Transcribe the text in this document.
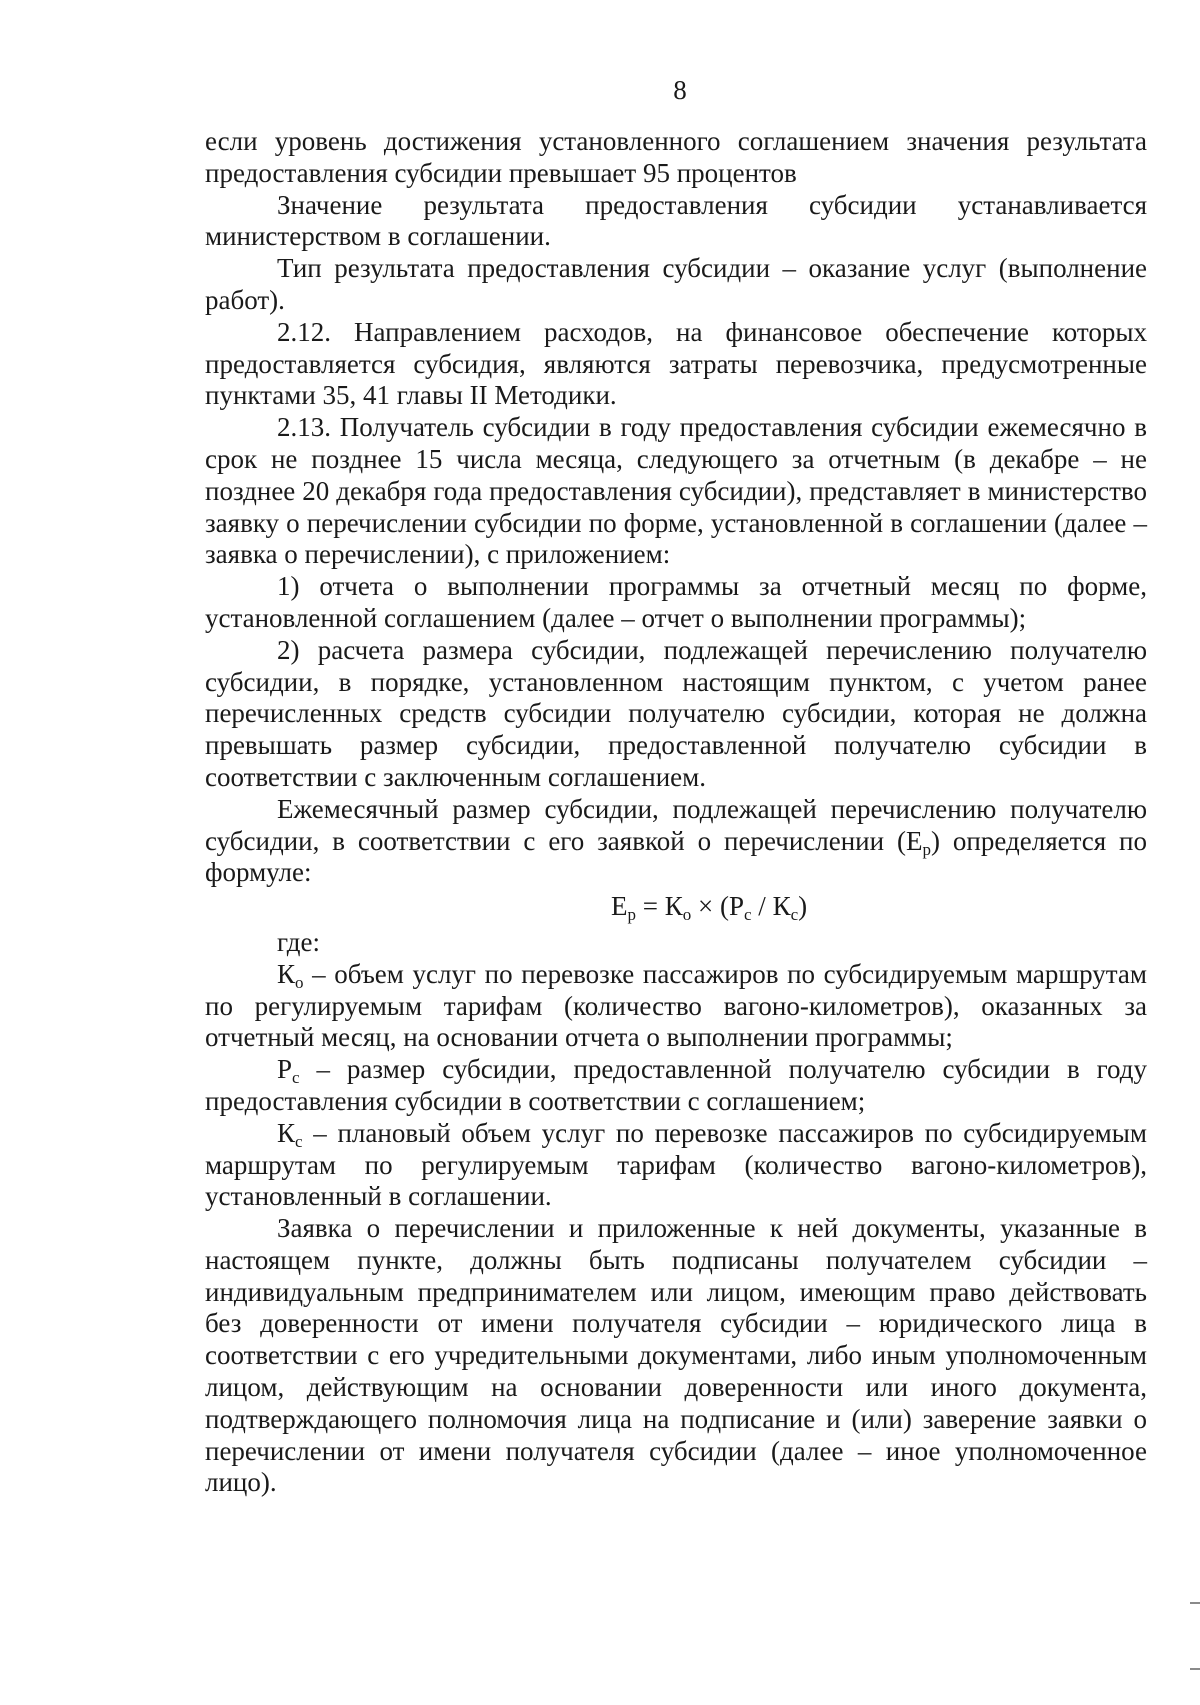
8

если уровень достижения установленного соглашением значения результата предоставления субсидии превышает 95 процентов

Значение результата предоставления субсидии устанавливается министерством в соглашении.

Тип результата предоставления субсидии – оказание услуг (выполнение работ).

2.12. Направлением расходов, на финансовое обеспечение которых предоставляется субсидия, являются затраты перевозчика, предусмотренные пунктами 35, 41 главы II Методики.

2.13. Получатель субсидии в году предоставления субсидии ежемесячно в срок не позднее 15 числа месяца, следующего за отчетным (в декабре – не позднее 20 декабря года предоставления субсидии), представляет в министерство заявку о перечислении субсидии по форме, установленной в соглашении (далее – заявка о перечислении), с приложением:

1) отчета о выполнении программы за отчетный месяц по форме, установленной соглашением (далее – отчет о выполнении программы);

2) расчета размера субсидии, подлежащей перечислению получателю субсидии, в порядке, установленном настоящим пунктом, с учетом ранее перечисленных средств субсидии получателю субсидии, которая не должна превышать размер субсидии, предоставленной получателю субсидии в соответствии с заключенным соглашением.

Ежемесячный размер субсидии, подлежащей перечислению получателю субсидии, в соответствии с его заявкой о перечислении $(Е_р)$ определяется по формуле:

$Е_р = К_о \times (Р_с / К_с)$

где:

$К_о$ – объем услуг по перевозке пассажиров по субсидируемым маршрутам по регулируемым тарифам (количество вагоно-километров), оказанных за отчетный месяц, на основании отчета о выполнении программы;

$Р_с$ – размер субсидии, предоставленной получателю субсидии в году предоставления субсидии в соответствии с соглашением;

$К_с$ – плановый объем услуг по перевозке пассажиров по субсидируемым маршрутам по регулируемым тарифам (количество вагоно-километров), установленный в соглашении.

Заявка о перечислении и приложенные к ней документы, указанные в настоящем пункте, должны быть подписаны получателем субсидии – индивидуальным предпринимателем или лицом, имеющим право действовать без доверенности от имени получателя субсидии – юридического лица в соответствии с его учредительными документами, либо иным уполномоченным лицом, действующим на основании доверенности или иного документа, подтверждающего полномочия лица на подписание и (или) заверение заявки о перечислении от имени получателя субсидии (далее – иное уполномоченное лицо).
